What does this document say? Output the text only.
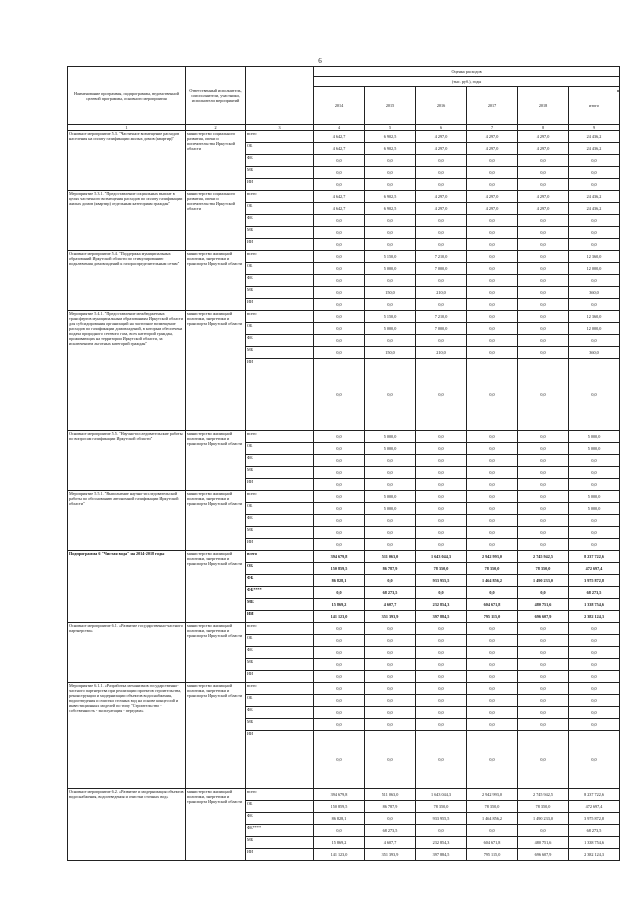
6
Наименование программы, подпрограммы, ведомственной целевой программы, основного мероприятия	Ответственный исполнитель, соисполнители, участники, исполнители мероприятий		Оценка расходов					
			(тыс. руб.), годы					
			2014	2015	2016	2017	2018	итого
1	2	3	4	5	6	7	8	9
Основное мероприятие 5.3. "Частичное возмещение расходов населения на оплату газификации жилых домов (квартир)"	министерство социального развития, опеки и попечительства Иркутской области	всего	4 642,7	6 902,5	4 297,0	4 297,0	4 297,0	24 436,2
		ОБ	4 642,7	6 902,5	4 297,0	4 297,0	4 297,0	24 436,2
		ФБ	0,0	0,0	0,0	0,0	0,0	0,0
		МБ	0,0	0,0	0,0	0,0	0,0	0,0
		ИИ	0,0	0,0	0,0	0,0	0,0	0,0
Мероприятие 5.3.1. "Предоставление социальных выплат в целях частичного возмещения расходов по оплату газификации жилых домов (квартир) отдельным категориям граждан"	министерство социального развития, опеки и попечительства Иркутской области	всего	4 642,7	6 902,5	4 297,0	4 297,0	4 297,0	24 436,2
		ОБ	4 642,7	6 902,5	4 297,0	4 297,0	4 297,0	24 436,2
		ФБ	0,0	0,0	0,0	0,0	0,0	0,0
		МБ	0,0	0,0	0,0	0,0	0,0	0,0
		ИИ	0,0	0,0	0,0	0,0	0,0	0,0
Основное мероприятие 5.4. "Поддержка муниципальных образований Иркутской области по стимулированию подключения домовладений к газораспределительным сетям"	министерство жилищной политики, энергетики и транспорта Иркутской области	всего	0,0	5 150,0	7 210,0	0,0	0,0	12 360,0
		ОБ	0,0	5 000,0	7 000,0	0,0	0,0	12 000,0
		ФБ	0,0	0,0	0,0	0,0	0,0	0,0
		МБ	0,0	150,0	210,0	0,0	0,0	360,0
		ИИ	0,0	0,0	0,0	0,0	0,0	0,0
Мероприятие 5.4.1. "Предоставление межбюджетных трансфертов муниципальным образованиям Иркутской области для субсидирования организаций на частичное возмещение расходов по газификации домовладений, в которым обеспечена подача природного сетевого газа, всех категорий граждан, проживающих на территории Иркутской области, за исключением льготных категорий граждан"	министерство жилищной политики, энергетики и транспорта Иркутской области	всего	0,0	5 150,0	7 210,0	0,0	0,0	12 360,0
		ОБ	0,0	5 000,0	7 000,0	0,0	0,0	12 000,0
		ФБ	0,0	0,0	0,0	0,0	0,0	0,0
		МБ	0,0	150,0	210,0	0,0	0,0	360,0
		ИИ	0,0	0,0	0,0	0,0	0,0	0,0
Основное мероприятие 5.5. "Научно-исследовательские работы по вопросам газификации Иркутской области"	министерство жилищной политики, энергетики и транспорта Иркутской области	всего	0,0	5 000,0	0,0	0,0	0,0	5 000,0
		ОБ	0,0	5 000,0	0,0	0,0	0,0	5 000,0
		ФБ	0,0	0,0	0,0	0,0	0,0	0,0
		МБ	0,0	0,0	0,0	0,0	0,0	0,0
		ИИ	0,0	0,0	0,0	0,0	0,0	0,0
Мероприятие 5.5.1. "Выполнение научно-исследовательской работы по обоснованию автономной газификации Иркутской области"	министерство жилищной политики, энергетики и транспорта Иркутской области	всего	0,0	5 000,0	0,0	0,0	0,0	5 000,0
		ОБ	0,0	5 000,0	0,0	0,0	0,0	5 000,0
		ФБ	0,0	0,0	0,0	0,0	0,0	0,0
		МБ	0,0	0,0	0,0	0,0	0,0	0,0
		ИИ	0,0	0,0	0,0	0,0	0,0	0,0
Подпрограмма 6 "Чистая вода" на 2014-2018 годы	министерство жилищной политики, энергетики и транспорта Иркутской области	всего	394 679,8	511 063,0	1 643 044,3	2 942 993,0	2 745 942,5	8 237 722,6
		ОБ	150 859,5	86 787,9	78 350,0	78 350,0	78 350,0	472 697,4
		ФБ	86 828,1	0,0	933 955,5	1 464 856,2	1 490 233,0	3 975 872,8
		ФБ****	0,0	68 273,5	0,0	0,0	0,0	68 273,5
		МБ	15 869,2	4 607,7	232 854,3	604 671,8	480 751,6	1 338 754,6
		ИИ	141 123,0	351 393,9	397 884,5	795 115,0	696 607,9	2 382 124,3
Основное мероприятие 6.1. «Развитие государственно-частного партнерства»	министерство жилищной политики, энергетики и транспорта Иркутской области	всего	0,0	0,0	0,0	0,0	0,0	0,0
		ОБ	0,0	0,0	0,0	0,0	0,0	0,0
		ФБ	0,0	0,0	0,0	0,0	0,0	0,0
		МБ	0,0	0,0	0,0	0,0	0,0	0,0
		ИИ	0,0	0,0	0,0	0,0	0,0	0,0
Мероприятие 6.1.1. «Разработка механизмов государственно-частного партнерства при реализации проектов строительства, реконструкции и модернизации объектов водоснабжения, водоотведения и очистки сточных вод на основе концессий и инвестиционных моделей по типу "Строительство - собственность - эксплуатация - передача»	министерство жилищной политики, энергетики и транспорта Иркутской области	всего	0,0	0,0	0,0	0,0	0,0	0,0
		ОБ	0,0	0,0	0,0	0,0	0,0	0,0
		ФБ	0,0	0,0	0,0	0,0	0,0	0,0
		МБ	0,0	0,0	0,0	0,0	0,0	0,0
		ИИ	0,0	0,0	0,0	0,0	0,0	0,0
Основное мероприятие 6.2. «Развитие и модернизация объектов водоснабжения, водоотведения и очистки сточных вод»	министерство жилищной политики, энергетики и транспорта Иркутской области	всего	394 679,8	511 063,0	1 643 044,3	2 942 993,0	2 745 942,5	8 237 722,6
		ОБ	150 859,5	86 787,9	78 350,0	78 350,0	78 350,0	472 697,4
		ФБ	86 828,1	0,0	933 955,5	1 464 856,2	1 490 233,0	3 975 872,8
		ФБ****	0,0	68 273,5	0,0	0,0	0,0	68 273,5
		МБ	15 869,2	4 607,7	232 854,3	604 671,8	480 751,6	1 338 754,6
		ИИ	141 123,0	351 393,9	397 884,5	795 115,0	696 607,9	2 382 124,3
